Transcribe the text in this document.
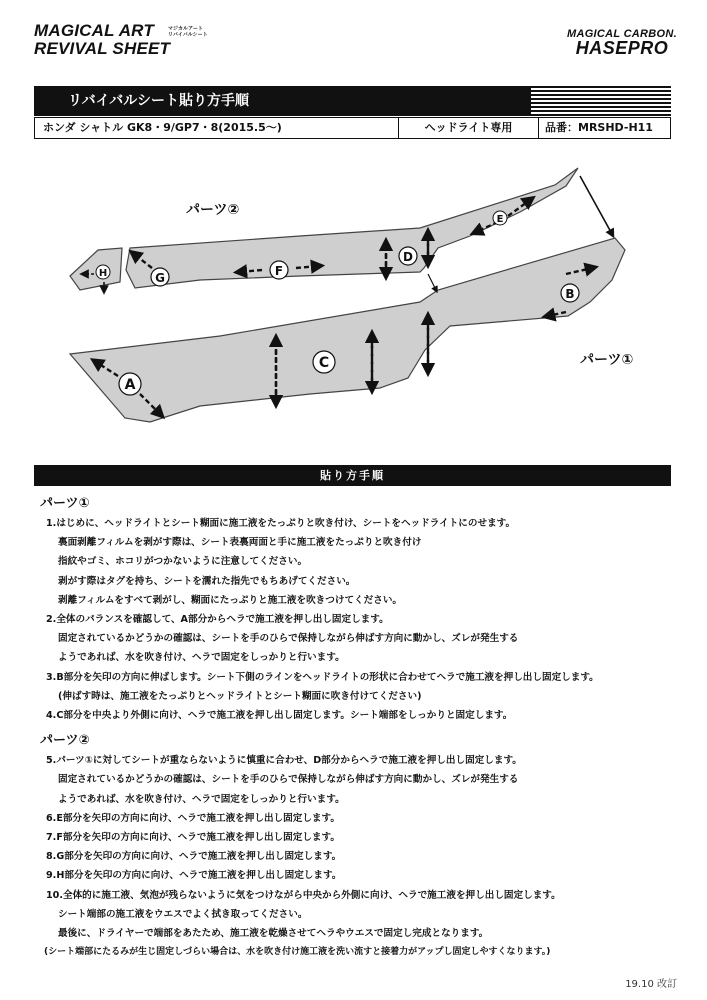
MAGICAL ART
REVIVAL SHEET
マジカルアート
リバイバルシート	MAGICAL CARBON.
HASEPRO
リバイバルシート貼り方手順
ホンダ シャトル GK8・9/GP7・8(2015.5～)	ヘッドライト専用	品番：MRSHD-H11
A
B
C
D
E
F
G
H
パーツ②
パーツ①
貼り方手順
パーツ①
1.はじめに、ヘッドライトとシート糊面に施工液をたっぷりと吹き付け、シートをヘッドライトにのせます。
裏面剥離フィルムを剥がす際は、シート表裏両面と手に施工液をたっぷりと吹き付け
指紋やゴミ、ホコリがつかないように注意してください。
剥がす際はタグを持ち、シートを濡れた指先でもちあげてください。
剥離フィルムをすべて剥がし、糊面にたっぷりと施工液を吹きつけてください。
2.全体のバランスを確認して、A部分からヘラで施工液を押し出し固定します。
固定されているかどうかの確認は、シートを手のひらで保持しながら伸ばす方向に動かし、ズレが発生する
ようであれば、水を吹き付け、ヘラで固定をしっかりと行います。
3.B部分を矢印の方向に伸ばします。シート下側のラインをヘッドライトの形状に合わせてヘラで施工液を押し出し固定します。
(伸ばす時は、施工液をたっぷりとヘッドライトとシート糊面に吹き付けてください)
4.C部分を中央より外側に向け、ヘラで施工液を押し出し固定します。シート端部をしっかりと固定します。
パーツ②
5.パーツ①に対してシートが重ならないように慎重に合わせ、D部分からヘラで施工液を押し出し固定します。
固定されているかどうかの確認は、シートを手のひらで保持しながら伸ばす方向に動かし、ズレが発生する
ようであれば、水を吹き付け、ヘラで固定をしっかりと行います。
6.E部分を矢印の方向に向け、ヘラで施工液を押し出し固定します。
7.F部分を矢印の方向に向け、ヘラで施工液を押し出し固定します。
8.G部分を矢印の方向に向け、ヘラで施工液を押し出し固定します。
9.H部分を矢印の方向に向け、ヘラで施工液を押し出し固定します。
10.全体的に施工液、気泡が残らないように気をつけながら中央から外側に向け、ヘラで施工液を押し出し固定します。
シート端部の施工液をウエスでよく拭き取ってください。
最後に、ドライヤーで端部をあたため、施工液を乾燥させてヘラやウエスで固定し完成となります。
(シート端部にたるみが生じ固定しづらい場合は、水を吹き付け施工液を洗い流すと接着力がアップし固定しやすくなります。)
19.10 改訂
